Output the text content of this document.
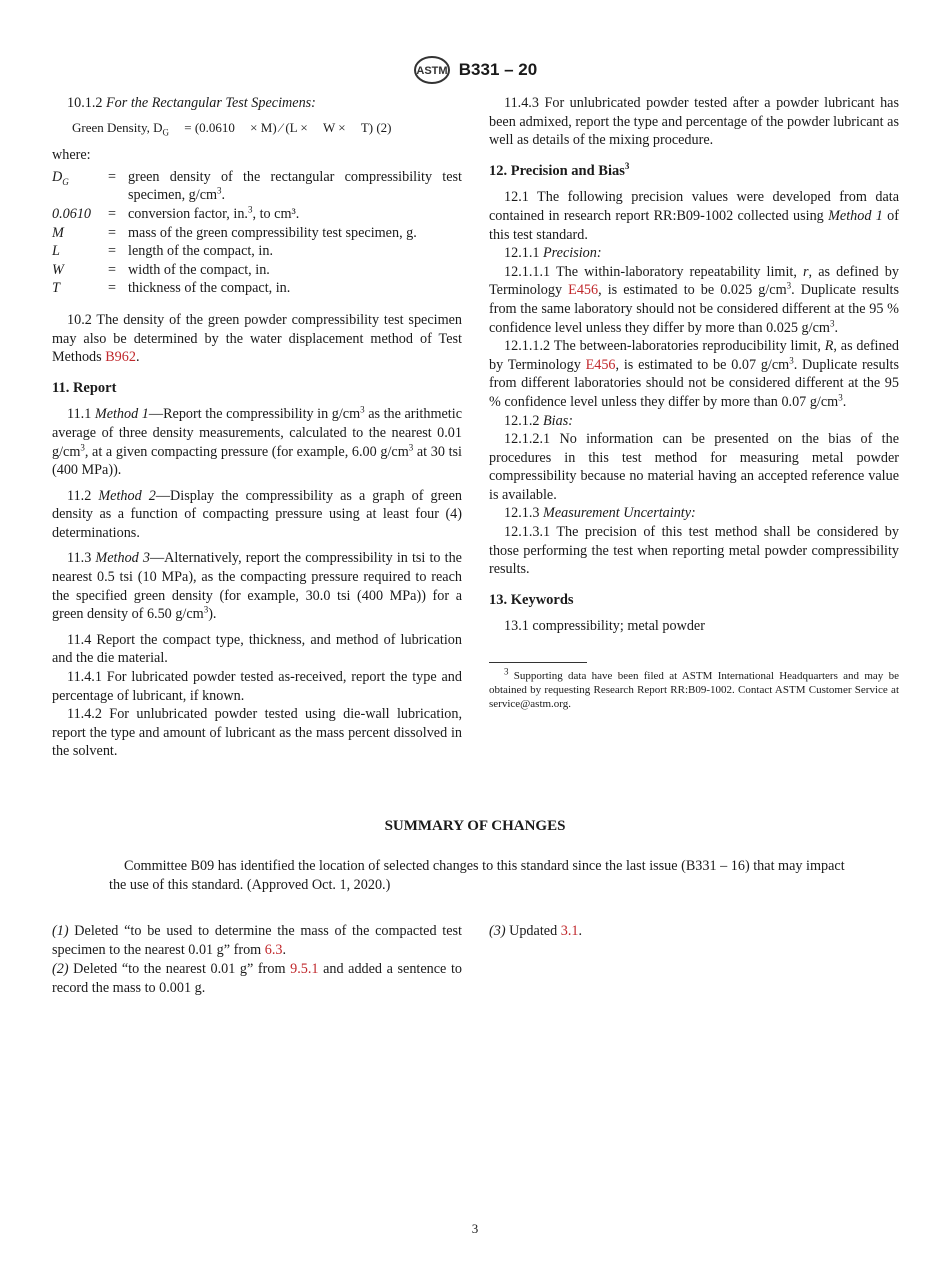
ASTM B331 – 20

10.1.2 For the Rectangular Test Specimens:

Green Density, $D_G = (0.0610 \times M)$ ⁄ (L × W × T) (2)

where:

$D_G$	= green density of the rectangular compressibility test specimen, $g/cm^3$.
0.0610	= conversion factor, in.$^3$, to cm³.
M	= mass of the green compressibility test specimen, g.
L	= length of the compact, in.
W	= width of the compact, in.
T	= thickness of the compact, in.

10.2 The density of the green powder compressibility test specimen may also be determined by the water displacement method of Test Methods B962.

11. Report

11.1 Method 1—Report the compressibility in $g/cm^3$ as the arithmetic average of three density measurements, calculated to the nearest 0.01 $g/cm^3$, at a given compacting pressure (for example, 6.00 $g/cm^3$ at 30 tsi (400 MPa)).

11.2 Method 2—Display the compressibility as a graph of green density as a function of compacting pressure using at least four (4) determinations.

11.3 Method 3—Alternatively, report the compressibility in tsi to the nearest 0.5 tsi (10 MPa), as the compacting pressure required to reach the specified green density (for example, 30.0 tsi (400 MPa)) for a green density of 6.50 $g/cm^3$).

11.4 Report the compact type, thickness, and method of lubrication and the die material.

11.4.1 For lubricated powder tested as-received, report the type and percentage of lubricant, if known.

11.4.2 For unlubricated powder tested using die-wall lubrication, report the type and amount of lubricant as the mass percent dissolved in the solvent.

11.4.3 For unlubricated powder tested after a powder lubricant has been admixed, report the type and percentage of the powder lubricant as well as details of the mixing procedure.

12. Precision and Bias$^3$

12.1 The following precision values were developed from data contained in research report RR:B09-1002 collected using Method 1 of this test standard.

12.1.1 Precision:

12.1.1.1 The within-laboratory repeatability limit, r, as defined by Terminology E456, is estimated to be 0.025 $g/cm^3$. Duplicate results from the same laboratory should not be considered different at the 95 % confidence level unless they differ by more than 0.025 $g/cm^3$.

12.1.1.2 The between-laboratories reproducibility limit, R, as defined by Terminology E456, is estimated to be 0.07 $g/cm^3$. Duplicate results from different laboratories should not be considered different at the 95 % confidence level unless they differ by more than 0.07 $g/cm^3$.

12.1.2 Bias:

12.1.2.1 No information can be presented on the bias of the procedures in this test method for measuring metal powder compressibility because no material having an accepted reference value is available.

12.1.3 Measurement Uncertainty:

12.1.3.1 The precision of this test method shall be considered by those performing the test when reporting metal powder compressibility results.

13. Keywords

13.1 compressibility; metal powder

$^3$ Supporting data have been filed at ASTM International Headquarters and may be obtained by requesting Research Report RR:B09-1002. Contact ASTM Customer Service at service@astm.org.

SUMMARY OF CHANGES
Committee B09 has identified the location of selected changes to this standard since the last issue (B331 – 16) that may impact the use of this standard. (Approved Oct. 1, 2020.)

(1) Deleted “to be used to determine the mass of the compacted test specimen to the nearest 0.01 g” from 6.3.

(2) Deleted “to the nearest 0.01 g” from 9.5.1 and added a sentence to record the mass to 0.001 g.

(3) Updated 3.1.

3
